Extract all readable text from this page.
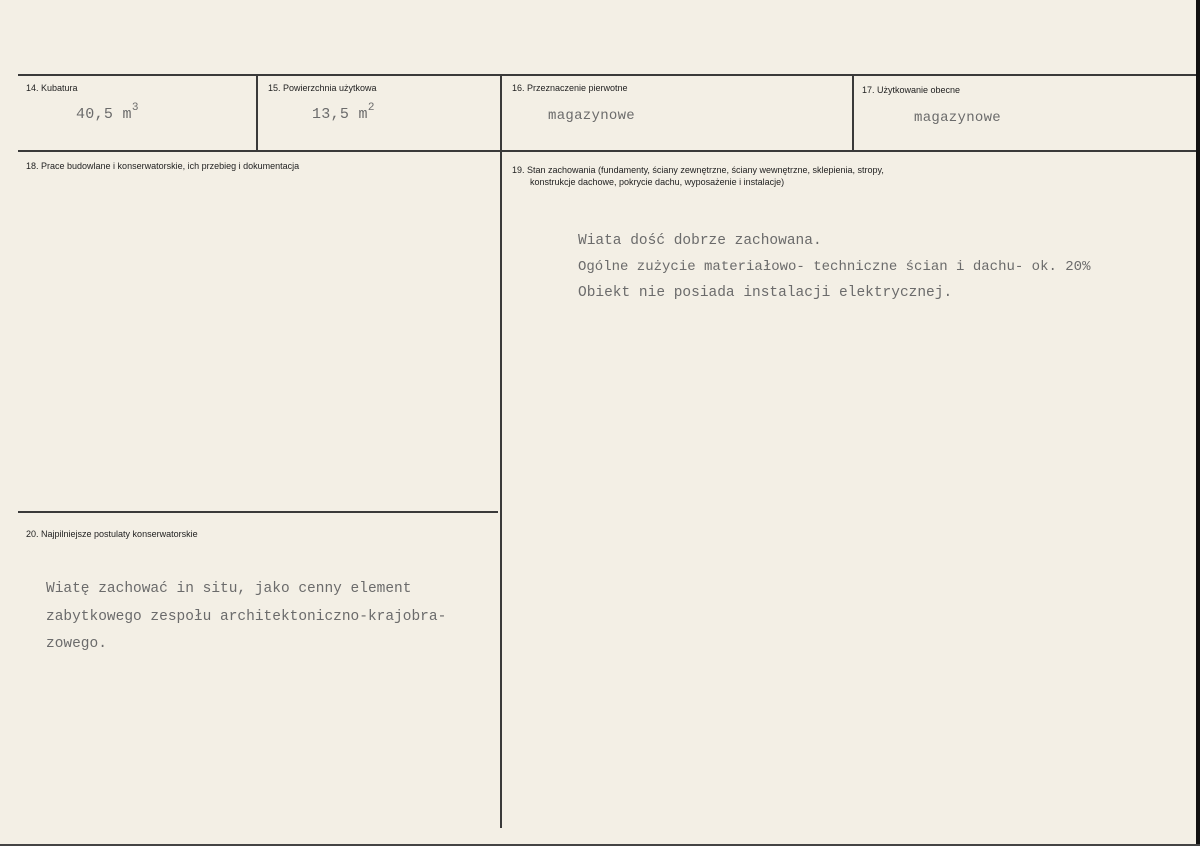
14. Kubatura
40,5 $m^3$
15. Powierzchnia użytkowa
13,5 $m^2$
16. Przeznaczenie pierwotne
magazynowe
17. Użytkowanie obecne
magazynowe
18. Prace budowlane i konserwatorskie, ich przebieg i dokumentacja	19. Stan zachowania (fundamenty, ściany zewnętrzne, ściany wewnętrzne, sklepienia, stropy,
konstrukcje dachowe, pokrycie dachu, wyposażenie i instalacje)
Wiata dość dobrze zachowana.
Ogólne zużycie materiałowo- techniczne ścian i dachu- ok. 20%
Obiekt nie posiada instalacji elektrycznej.
20. Najpilniejsze postulaty konserwatorskie
Wiatę zachować in situ, jako cenny element
zabytkowego zespołu architektoniczno-krajobra-
zowego.
